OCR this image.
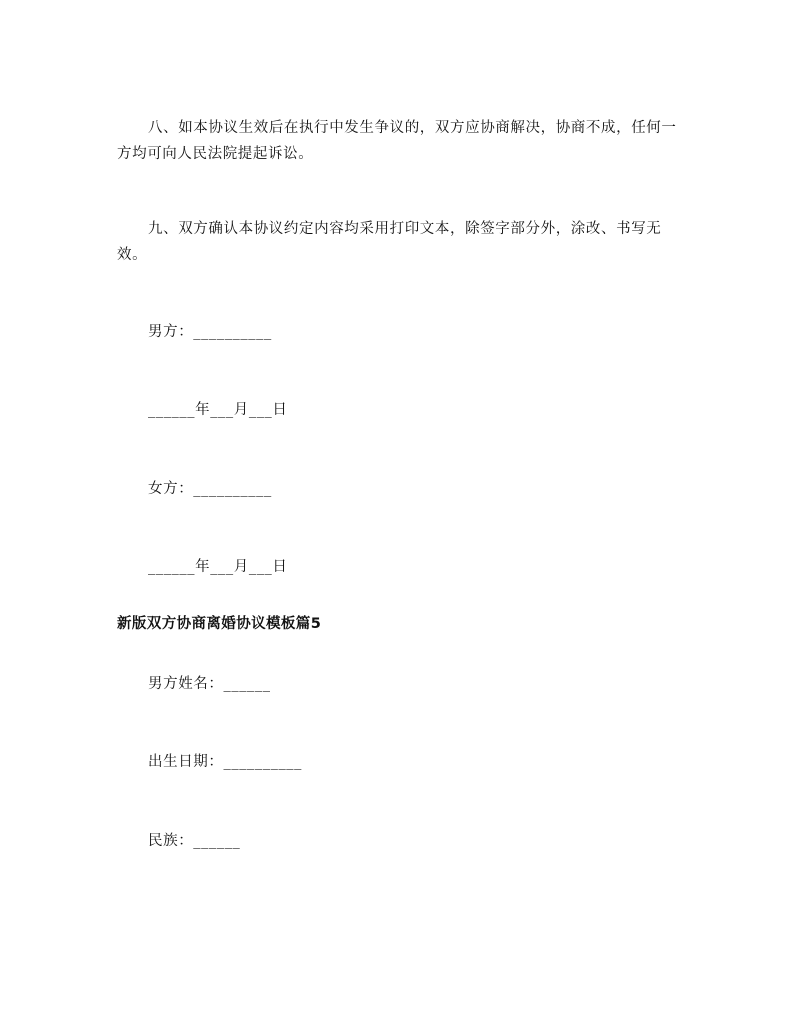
八、如本协议生效后在执行中发生争议的，双方应协商解决，协商不成，任何一方均可向人民法院提起诉讼。

九、双方确认本协议约定内容均采用打印文本，除签字部分外，涂改、书写无效。

男方：__________

______年___月___日

女方：__________

______年___月___日

新版双方协商离婚协议模板篇5

男方姓名：______

出生日期：__________

民族：______
